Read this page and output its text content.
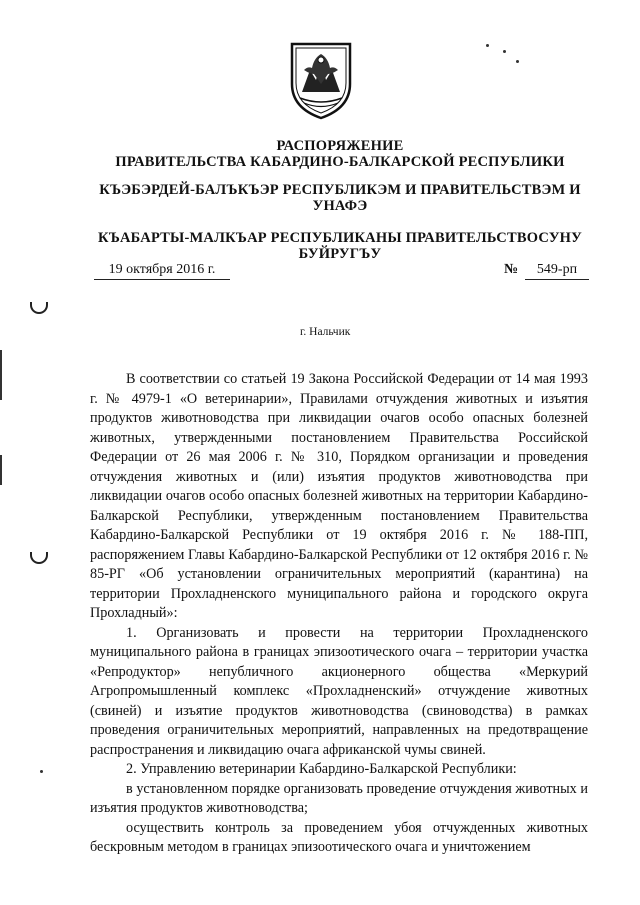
РАСПОРЯЖЕНИЕ
ПРАВИТЕЛЬСТВА КАБАРДИНО-БАЛКАРСКОЙ РЕСПУБЛИКИ
КЪЭБЭРДЕЙ-БАЛЪКЪЭР РЕСПУБЛИКЭМ И ПРАВИТЕЛЬСТВЭМ И
УНАФЭ
КЪАБАРТЫ-МАЛКЪАР РЕСПУБЛИКАНЫ ПРАВИТЕЛЬСТВОСУНУ
БУЙРУГЪУ
19 октября 2016 г.	№	549-рп
г. Нальчик

В соответствии со статьей 19 Закона Российской Федерации от 14 мая 1993 г. № 4979-1 «О ветеринарии», Правилами отчуждения животных и изъятия продуктов животноводства при ликвидации очагов особо опасных болезней животных, утвержденными постановлением Правительства Российской Федерации от 26 мая 2006 г. № 310, Порядком организации и проведения отчуждения животных и (или) изъятия продуктов животноводства при ликвидации очагов особо опасных болезней животных на территории Кабардино-Балкарской Республики, утвержденным постановлением Правительства Кабардино-Балкарской Республики от 19 октября 2016 г. № 188-ПП, распоряжением Главы Кабардино-Балкарской Республики от 12 октября 2016 г. № 85-РГ «Об установлении ограничительных мероприятий (карантина) на территории Прохладненского муниципального района и городского округа Прохладный»:

1. Организовать и провести на территории Прохладненского муниципального района в границах эпизоотического очага – территории участка «Репродуктор» непубличного акционерного общества «Меркурий Агропромышленный комплекс «Прохладненский» отчуждение животных (свиней) и изъятие продуктов животноводства (свиноводства) в рамках проведения ограничительных мероприятий, направленных на предотвращение распространения и ликвидацию очага африканской чумы свиней.

2. Управлению ветеринарии Кабардино-Балкарской Республики:

в установленном порядке организовать проведение отчуждения животных и изъятия продуктов животноводства;

осуществить контроль за проведением убоя отчужденных животных бескровным методом в границах эпизоотического очага и уничтожением
